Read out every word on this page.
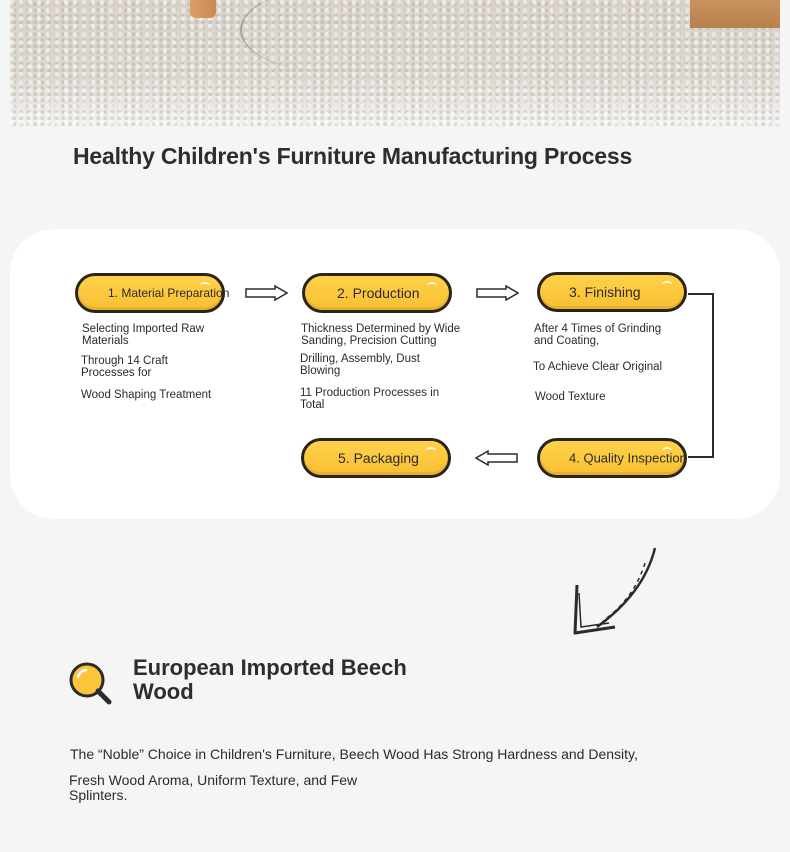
Healthy Children's Furniture Manufacturing Process
1. Material Preparation

Selecting Imported Raw Materials

Through 14 Craft Processes for

Wood Shaping Treatment

2. Production

Thickness Determined by Wide Sanding, Precision Cutting

Drilling, Assembly, Dust Blowing

11 Production Processes in Total

3. Finishing

After 4 Times of Grinding and Coating,

To Achieve Clear Original

Wood Texture

4. Quality Inspection
5. Packaging
European Imported Beech Wood

The “Noble” Choice in Children's Furniture, Beech Wood Has Strong Hardness and Density,

Fresh Wood Aroma, Uniform Texture, and Few Splinters.
